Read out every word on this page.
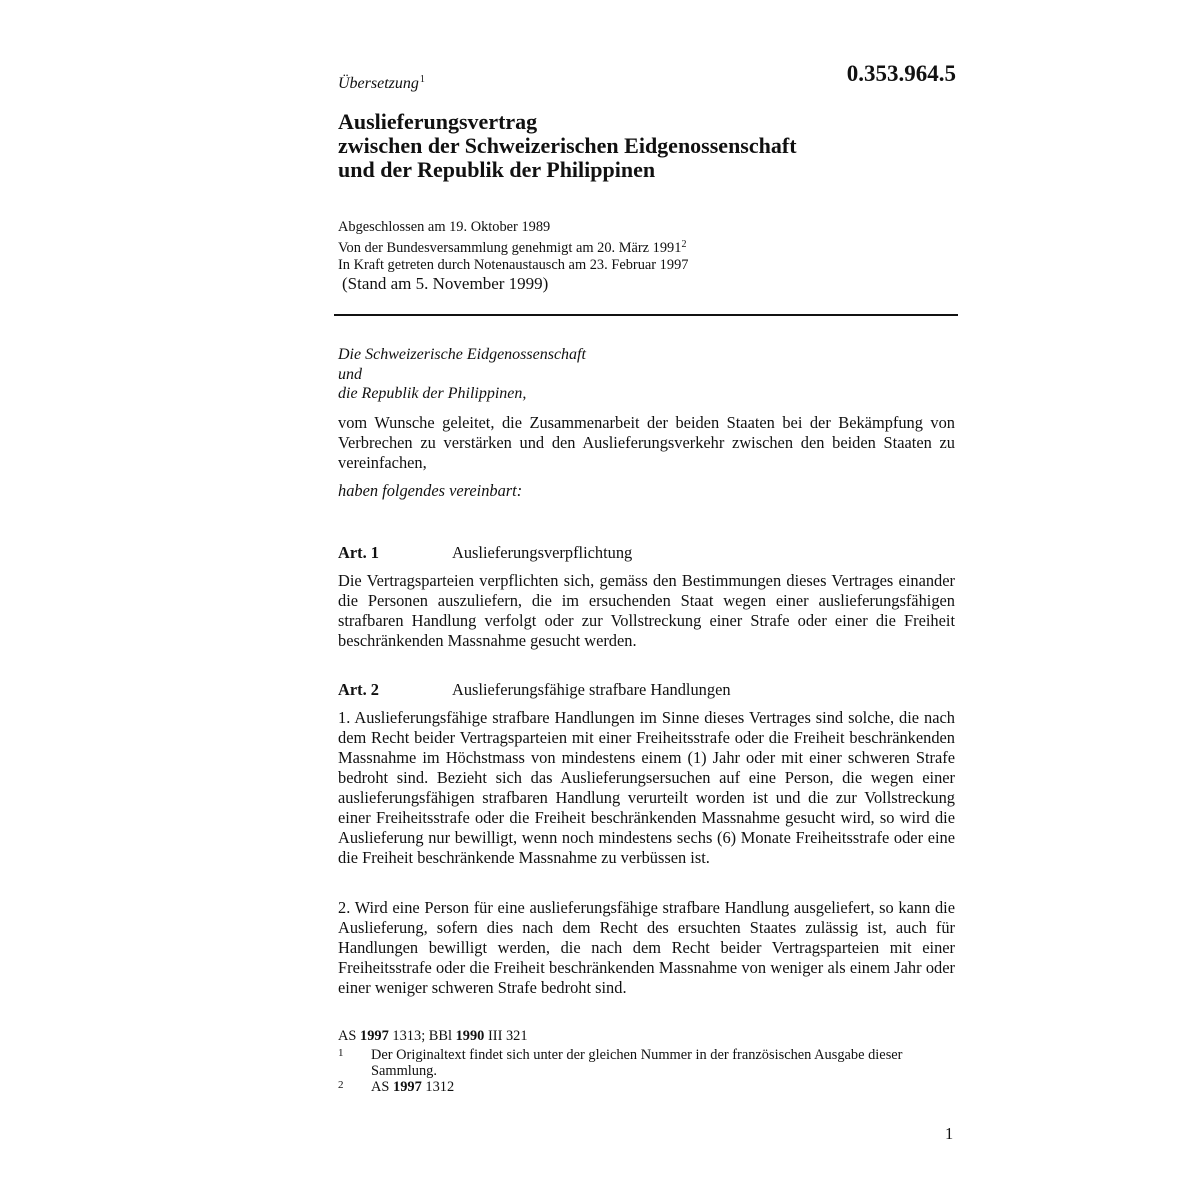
Übersetzung$^1$	0.353.964.5
Auslieferungsvertrag
zwischen der Schweizerischen Eidgenossenschaft
und der Republik der Philippinen
Abgeschlossen am 19. Oktober 1989
Von der Bundesversammlung genehmigt am 20. März 1991$^2$
In Kraft getreten durch Notenaustausch am 23. Februar 1997
(Stand am 5. November 1999)
Die Schweizerische Eidgenossenschaft
und
die Republik der Philippinen,

vom Wunsche geleitet, die Zusammenarbeit der beiden Staaten bei der Bekämpfung von Verbrechen zu verstärken und den Auslieferungsverkehr zwischen den beiden Staaten zu vereinfachen,

haben folgendes vereinbart:
Art. 1	Auslieferungsverpflichtung

Die Vertragsparteien verpflichten sich, gemäss den Bestimmungen dieses Vertrages einander die Personen auszuliefern, die im ersuchenden Staat wegen einer auslieferungsfähigen strafbaren Handlung verfolgt oder zur Vollstreckung einer Strafe oder einer die Freiheit beschränkenden Massnahme gesucht werden.

Art. 2	Auslieferungsfähige strafbare Handlungen

1. Auslieferungsfähige strafbare Handlungen im Sinne dieses Vertrages sind solche, die nach dem Recht beider Vertragsparteien mit einer Freiheitsstrafe oder die Freiheit beschränkenden Massnahme im Höchstmass von mindestens einem (1) Jahr oder mit einer schweren Strafe bedroht sind. Bezieht sich das Auslieferungsersuchen auf eine Person, die wegen einer auslieferungsfähigen strafbaren Handlung verurteilt worden ist und die zur Vollstreckung einer Freiheitsstrafe oder die Freiheit beschränkenden Massnahme gesucht wird, so wird die Auslieferung nur bewilligt, wenn noch mindestens sechs (6) Monate Freiheitsstrafe oder eine die Freiheit beschränkende Massnahme zu verbüssen ist.

2. Wird eine Person für eine auslieferungsfähige strafbare Handlung ausgeliefert, so kann die Auslieferung, sofern dies nach dem Recht des ersuchten Staates zulässig ist, auch für Handlungen bewilligt werden, die nach dem Recht beider Vertragsparteien mit einer Freiheitsstrafe oder die Freiheit beschränkenden Massnahme von weniger als einem Jahr oder einer weniger schweren Strafe bedroht sind.

AS 1997 1313; BBl 1990 III 321
1 Der Originaltext findet sich unter der gleichen Nummer in der französischen Ausgabe dieser Sammlung.
2 AS 1997 1312
1
